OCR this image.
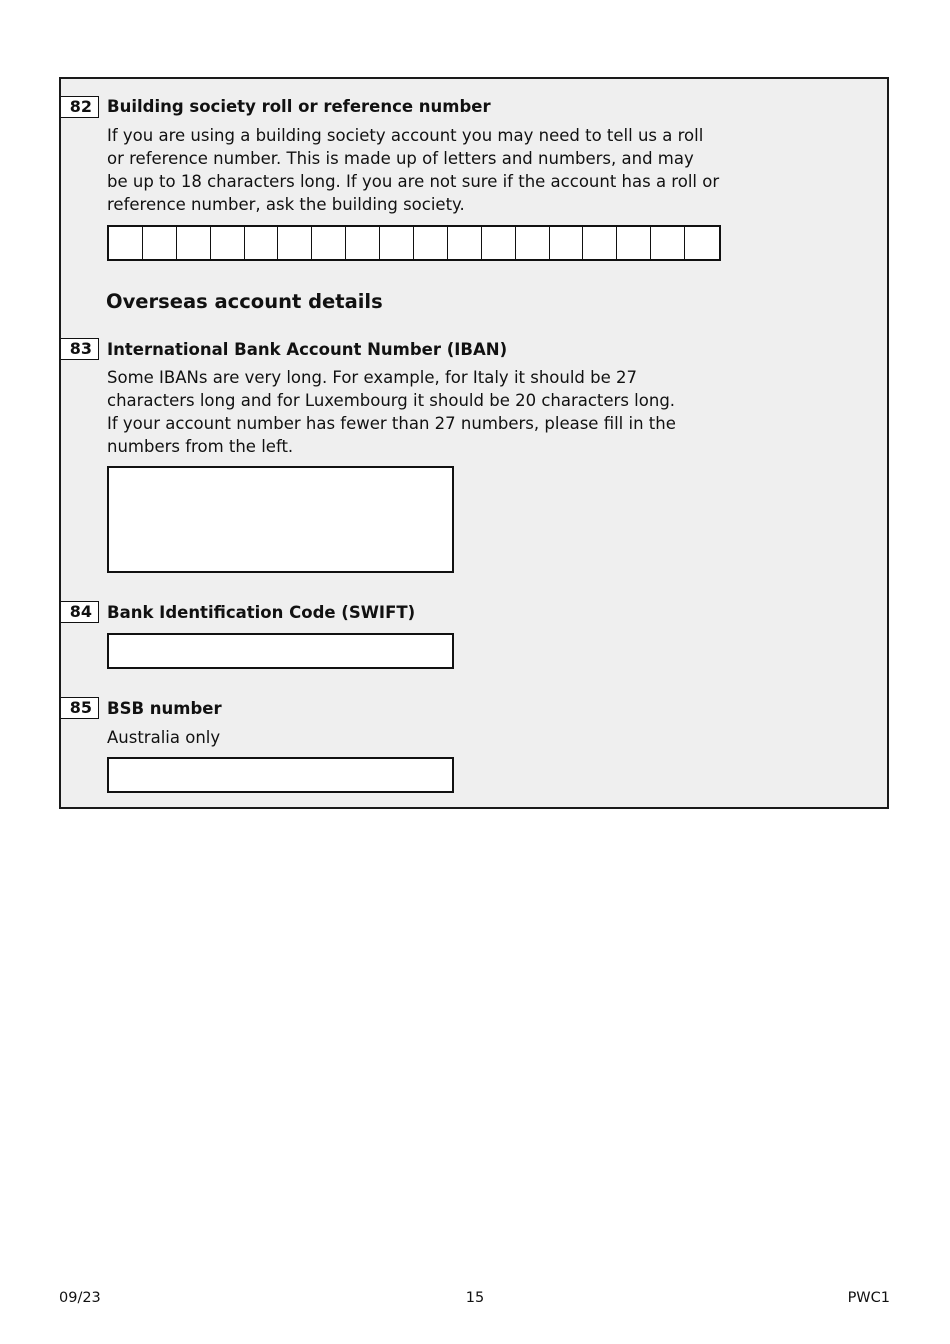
82 Building society roll or reference number

If you are using a building society account you may need to tell us a roll
or reference number. This is made up of letters and numbers, and may
be up to 18 characters long. If you are not sure if the account has a roll or
reference number, ask the building society.

Overseas account details
83 International Bank Account Number (IBAN)

Some IBANs are very long. For example, for Italy it should be 27
characters long and for Luxembourg it should be 20 characters long.
If your account number has fewer than 27 numbers, please fill in the
numbers from the left.

84 Bank Identification Code (SWIFT)
85 BSB number

Australia only

09/23	15	PWC1
